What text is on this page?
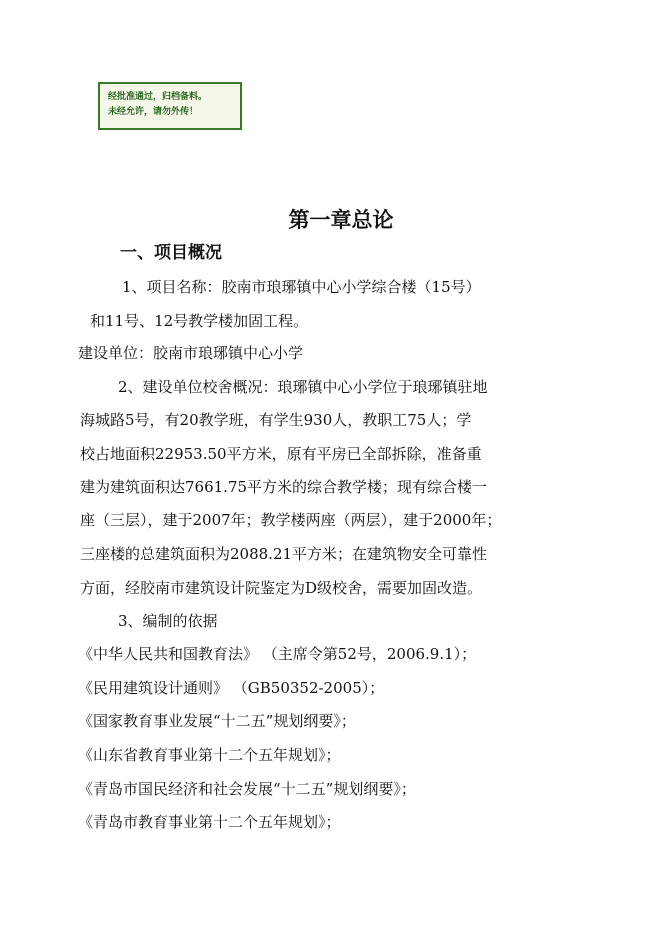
经批准通过，归档备料。
未经允许，请勿外传！
第一章总论
一、项目概况
1、项目名称：胶南市琅琊镇中心小学综合楼（15号）
和11号、12号教学楼加固工程。
建设单位：胶南市琅琊镇中心小学
2、建设单位校舍概况：琅琊镇中心小学位于琅琊镇驻地
海城路5号，有20教学班，有学生930人，教职工75人；学
校占地面积22953.50平方米，原有平房已全部拆除，准备重
建为建筑面积达7661.75平方米的综合教学楼；现有综合楼一
座（三层），建于2007年；教学楼两座（两层），建于2000年；
三座楼的总建筑面积为2088.21平方米；在建筑物安全可靠性
方面，经胶南市建筑设计院鉴定为D级校舍，需要加固改造。
3、编制的依据
《中华人民共和国教育法》 （主席令第52号，2006.9.1）；
《民用建筑设计通则》 （GB50352-2005）；
《国家教育事业发展“十二五”规划纲要》；
《山东省教育事业第十二个五年规划》；
《青岛市国民经济和社会发展“十二五”规划纲要》；
《青岛市教育事业第十二个五年规划》；
